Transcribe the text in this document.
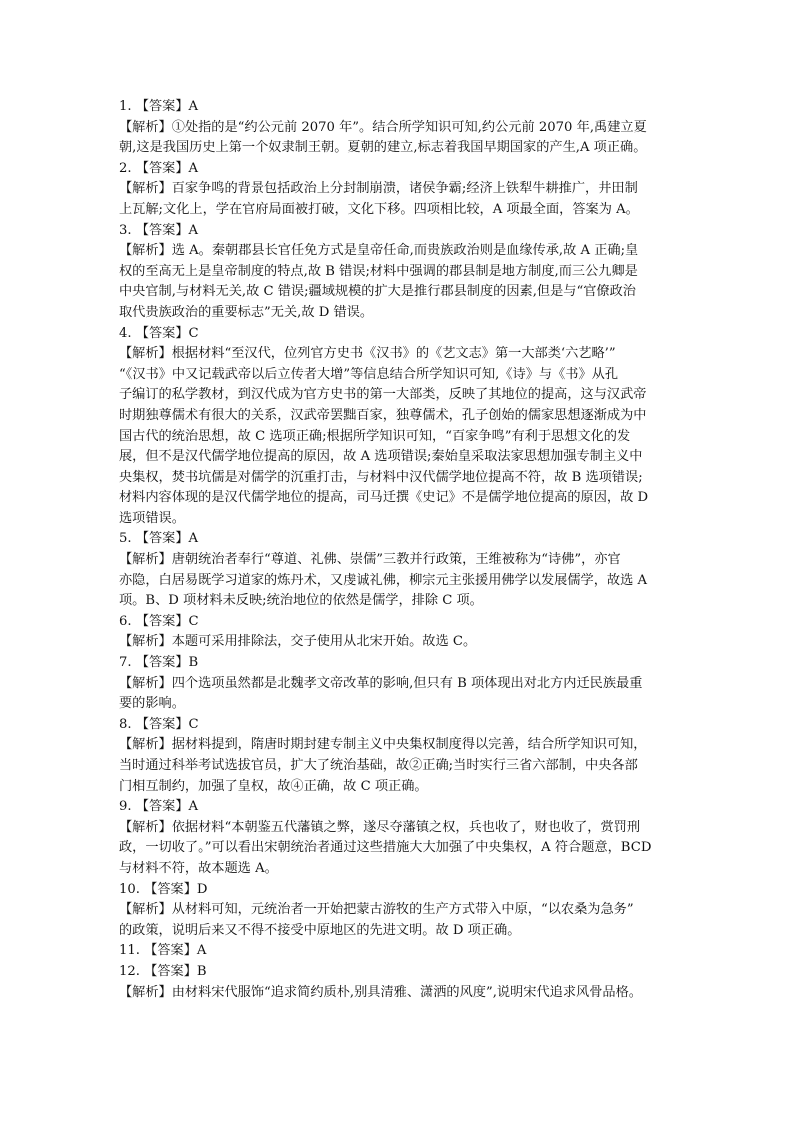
1. 【答案】A
【解析】①处指的是“约公元前 2070 年”。结合所学知识可知,约公元前 2070 年,禹建立夏
朝,这是我国历史上第一个奴隶制王朝。夏朝的建立,标志着我国早期国家的产生,A 项正确。
2. 【答案】A
【解析】百家争鸣的背景包括政治上分封制崩溃，诸侯争霸;经济上铁犁牛耕推广，井田制
上瓦解;文化上，学在官府局面被打破，文化下移。四项相比较，A 项最全面，答案为 A。
3. 【答案】A
【解析】选 A。秦朝郡县长官任免方式是皇帝任命,而贵族政治则是血缘传承,故 A 正确;皇
权的至高无上是皇帝制度的特点,故 B 错误;材料中强调的郡县制是地方制度,而三公九卿是
中央官制,与材料无关,故 C 错误;疆域规模的扩大是推行郡县制度的因素,但是与“官僚政治
取代贵族政治的重要标志”无关,故 D 错误。
4. 【答案】C
【解析】根据材料“至汉代，位列官方史书《汉书》的《艺文志》第一大部类‘六艺略’”
“《汉书》中又记载武帝以后立传者大增”等信息结合所学知识可知,《诗》与《书》从孔
子编订的私学教材，到汉代成为官方史书的第一大部类，反映了其地位的提高，这与汉武帝
时期独尊儒术有很大的关系，汉武帝罢黜百家，独尊儒术，孔子创始的儒家思想逐渐成为中
国古代的统治思想，故 C 选项正确;根据所学知识可知，“百家争鸣”有利于思想文化的发
展，但不是汉代儒学地位提高的原因，故 A 选项错误;秦始皇采取法家思想加强专制主义中
央集权，焚书坑儒是对儒学的沉重打击，与材料中汉代儒学地位提高不符，故 B 选项错误;
材料内容体现的是汉代儒学地位的提高，司马迁撰《史记》不是儒学地位提高的原因，故 D
选项错误。
5. 【答案】A
【解析】唐朝统治者奉行“尊道、礼佛、崇儒”三教并行政策，王维被称为“诗佛”，亦官
亦隐，白居易既学习道家的炼丹术，又虔诚礼佛，柳宗元主张援用佛学以发展儒学，故选 A
项。B、D 项材料未反映;统治地位的依然是儒学，排除 C 项。
6. 【答案】C
【解析】本题可采用排除法，交子使用从北宋开始。故选 C。
7. 【答案】B
【解析】四个选项虽然都是北魏孝文帝改革的影响,但只有 B 项体现出对北方内迁民族最重
要的影响。
8. 【答案】C
【解析】据材料提到，隋唐时期封建专制主义中央集权制度得以完善，结合所学知识可知，
当时通过科举考试选拔官员，扩大了统治基础，故②正确;当时实行三省六部制，中央各部
门相互制约，加强了皇权，故④正确，故 C 项正确。
9. 【答案】A
【解析】依据材料“本朝鉴五代藩镇之弊，遂尽夺藩镇之权，兵也收了，财也收了，赏罚刑
政，一切收了。”可以看出宋朝统治者通过这些措施大大加强了中央集权，A 符合题意，BCD
与材料不符，故本题选 A。
10. 【答案】D
【解析】从材料可知，元统治者一开始把蒙古游牧的生产方式带入中原，“以农桑为急务”
的政策，说明后来又不得不接受中原地区的先进文明。故 D 项正确。
11. 【答案】A
12. 【答案】B
【解析】由材料宋代服饰“追求简约质朴,别具清雅、潇洒的风度”,说明宋代追求风骨品格。
